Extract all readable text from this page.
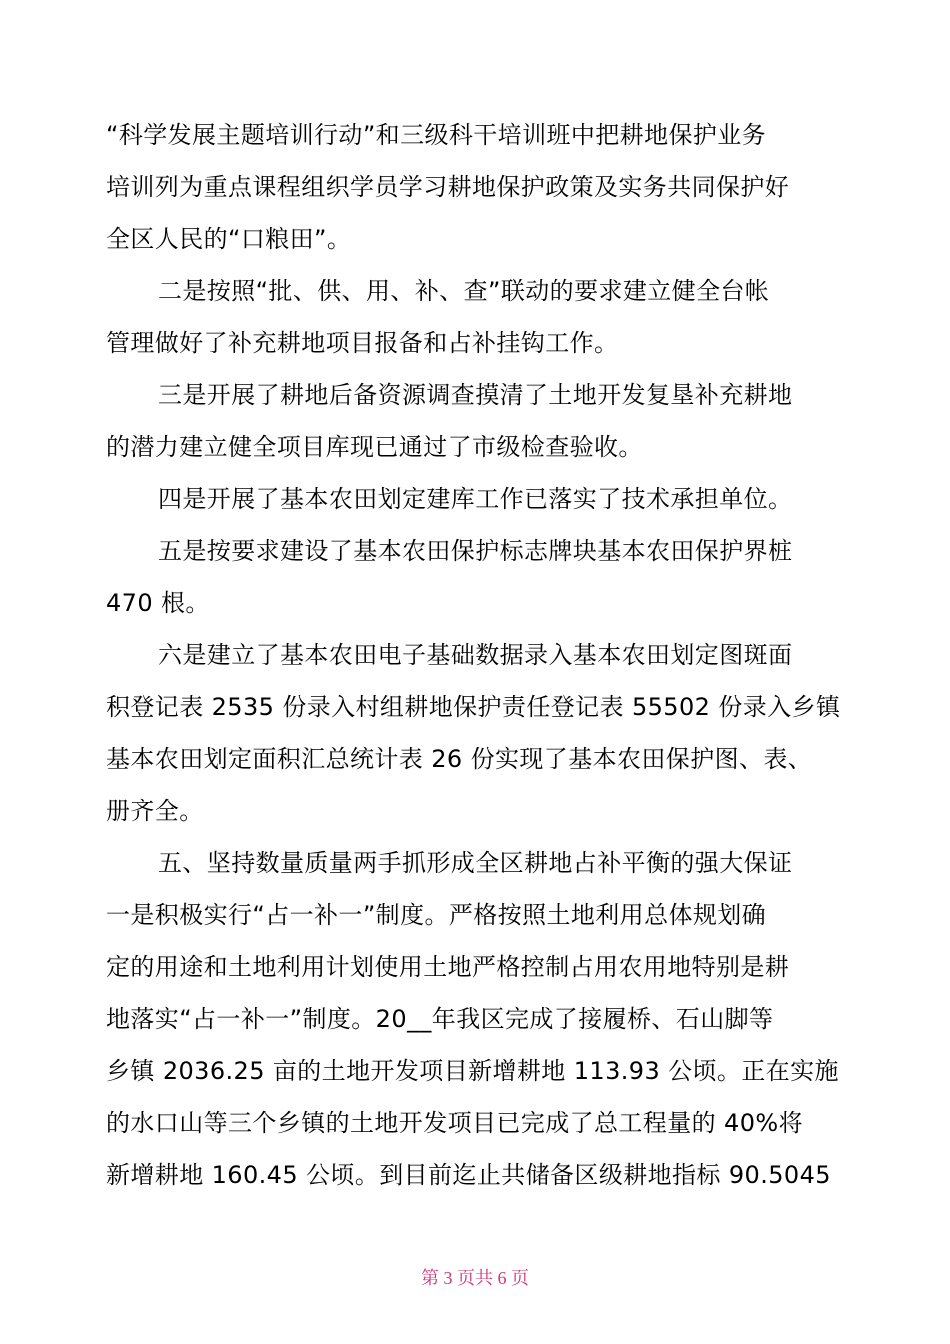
“科学发展主题培训行动”和三级科干培训班中把耕地保护业务
培训列为重点课程组织学员学习耕地保护政策及实务共同保护好
全区人民的“口粮田”。
二是按照“批、供、用、补、查”联动的要求建立健全台帐
管理做好了补充耕地项目报备和占补挂钩工作。
三是开展了耕地后备资源调查摸清了土地开发复垦补充耕地
的潜力建立健全项目库现已通过了市级检查验收。
四是开展了基本农田划定建库工作已落实了技术承担单位。
五是按要求建设了基本农田保护标志牌块基本农田保护界桩
470 根。
六是建立了基本农田电子基础数据录入基本农田划定图斑面
积登记表 2535 份录入村组耕地保护责任登记表 55502 份录入乡镇
基本农田划定面积汇总统计表 26 份实现了基本农田保护图、表、
册齐全。
五、坚持数量质量两手抓形成全区耕地占补平衡的强大保证
一是积极实行“占一补一”制度。严格按照土地利用总体规划确
定的用途和土地利用计划使用土地严格控制占用农用地特别是耕
地落实“占一补一”制度。20__年我区完成了接履桥、石山脚等
乡镇 2036.25 亩的土地开发项目新增耕地 113.93 公顷。正在实施
的水口山等三个乡镇的土地开发项目已完成了总工程量的 40%将
新增耕地 160.45 公顷。到目前迄止共储备区级耕地指标 90.5045
第 3 页共 6 页
